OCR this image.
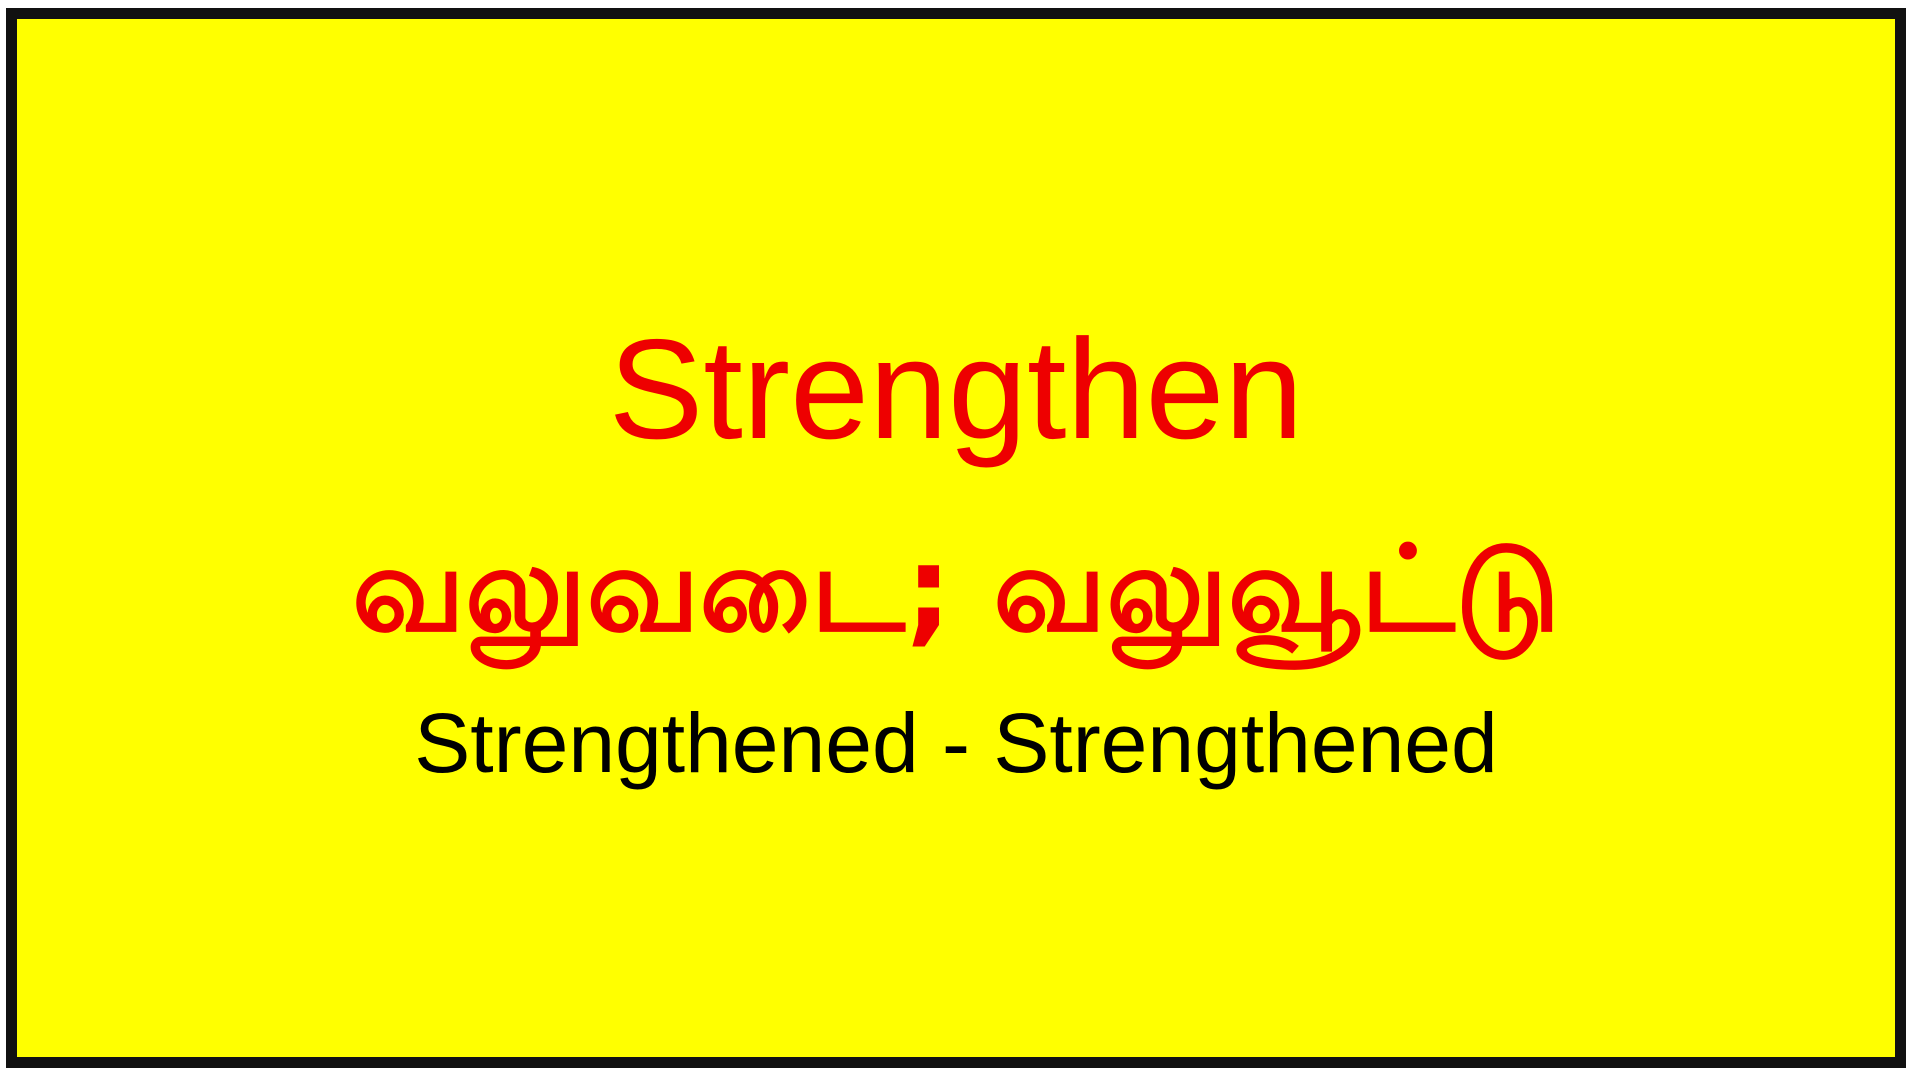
Strengthen
வலுவடை; வலுவூட்டு
Strengthened - Strengthened
